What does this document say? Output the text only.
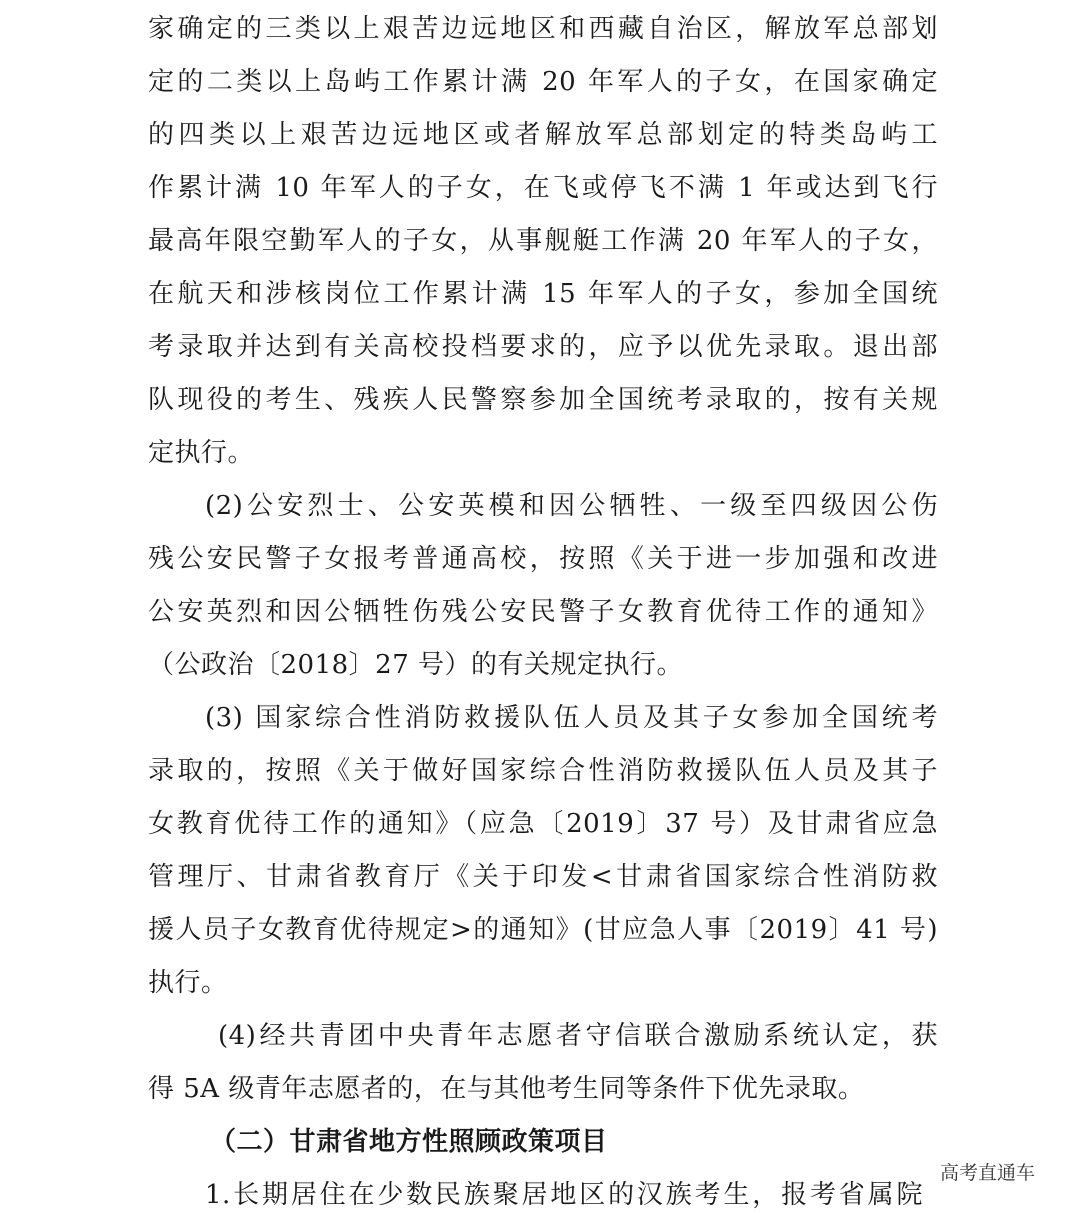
家确定的三类以上艰苦边远地区和西藏自治区，解放军总部划
定的二类以上岛屿工作累计满 20 年军人的子女，在国家确定
的四类以上艰苦边远地区或者解放军总部划定的特类岛屿工
作累计满 10 年军人的子女，在飞或停飞不满 1 年或达到飞行
最高年限空勤军人的子女，从事舰艇工作满 20 年军人的子女，
在航天和涉核岗位工作累计满 15 年军人的子女，参加全国统
考录取并达到有关高校投档要求的，应予以优先录取。退出部
队现役的考生、残疾人民警察参加全国统考录取的，按有关规
定执行。
(2)公安烈士、公安英模和因公牺牲、一级至四级因公伤
残公安民警子女报考普通高校，按照《关于进一步加强和改进
公安英烈和因公牺牲伤残公安民警子女教育优待工作的通知》
（公政治〔2018〕27 号）的有关规定执行。
(3) 国家综合性消防救援队伍人员及其子女参加全国统考
录取的，按照《关于做好国家综合性消防救援队伍人员及其子
女教育优待工作的通知》（应急〔2019〕37 号）及甘肃省应急
管理厅、甘肃省教育厅《关于印发<甘肃省国家综合性消防救
援人员子女教育优待规定>的通知》(甘应急人事〔2019〕41 号)
执行。
(4)经共青团中央青年志愿者守信联合激励系统认定，获
得 5A 级青年志愿者的，在与其他考生同等条件下优先录取。
（二）甘肃省地方性照顾政策项目
1.长期居住在少数民族聚居地区的汉族考生，报考省属院
高考直通车
